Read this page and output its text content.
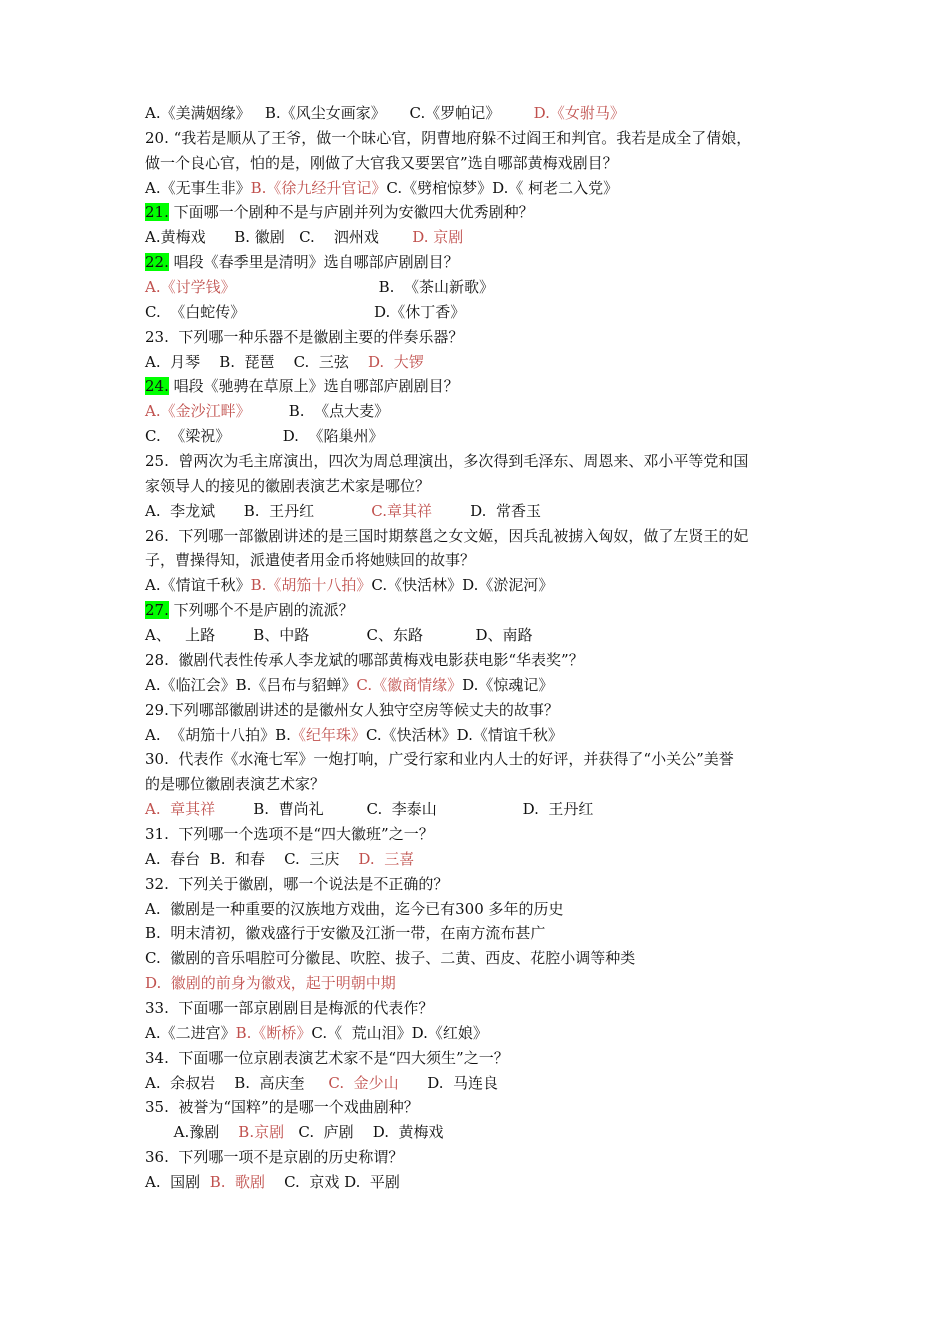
A.《美满姻缘》   B.《风尘女画家》     C.《罗帕记》       D.《女驸马》
20. “我若是顺从了王爷，做一个昧心官，阴曹地府躲不过阎王和判官。我若是成全了倩娘，
做一个良心官，怕的是，刚做了大官我又要罢官”选自哪部黄梅戏剧目？
A.《无事生非》B.《徐九经升官记》C.《劈棺惊梦》D.《 柯老二入党》
21. 下面哪一个剧种不是与庐剧并列为安徽四大优秀剧种？
A.黄梅戏      B. 徽剧   C.    泗州戏       D. 京剧
22. 唱段《春季里是清明》选自哪部庐剧剧目？
A.《讨学钱》                              B.  《茶山新歌》
C.  《白蛇传》                           D.《休丁香》
23.  下列哪一种乐器不是徽剧主要的伴奏乐器？
A.  月琴    B.  琵琶    C.  三弦    D.  大锣
24. 唱段《驰骋在草原上》选自哪部庐剧剧目？
A.《金沙江畔》        B.  《点大麦》
C.  《梁祝》           D.  《陷巢州》
25.  曾两次为毛主席演出，四次为周总理演出，多次得到毛泽东、周恩来、邓小平等党和国
家领导人的接见的徽剧表演艺术家是哪位？
A.  李龙斌      B.  王丹红            C.章其祥        D.  常香玉
26.  下列哪一部徽剧讲述的是三国时期蔡邕之女文姬，因兵乱被掳入匈奴，做了左贤王的妃
子，曹操得知，派遣使者用金币将她赎回的故事？
A.《情谊千秋》B.《胡笳十八拍》C.《快活林》D.《淤泥河》
27. 下列哪个不是庐剧的流派？
A、   上路        B、中路            C、东路           D、南路
28.  徽剧代表性传承人李龙斌的哪部黄梅戏电影获电影“华表奖”？
A.《临江会》B.《吕布与貂蝉》C.《徽商情缘》D.《惊魂记》
29.下列哪部徽剧讲述的是徽州女人独守空房等候丈夫的故事？
A.  《胡笳十八拍》B.《纪年珠》C.《快活林》D.《情谊千秋》
30.  代表作《水淹七军》一炮打响，广受行家和业内人士的好评，并获得了“小关公”美誉
的是哪位徽剧表演艺术家？
A.  章其祥        B.  曹尚礼         C.  李泰山                  D.  王丹红
31.  下列哪一个选项不是“四大徽班”之一？
A.  春台  B.  和春    C.  三庆    D.  三喜
32.  下列关于徽剧，哪一个说法是不正确的？
A.  徽剧是一种重要的汉族地方戏曲，迄今已有300 多年的历史
B.  明末清初，徽戏盛行于安徽及江浙一带，在南方流布甚广
C.  徽剧的音乐唱腔可分徽昆、吹腔、拔子、二黄、西皮、花腔小调等种类
D.  徽剧的前身为徽戏，起于明朝中期
33.  下面哪一部京剧剧目是梅派的代表作？
A.《二进宫》B.《断桥》C.《  荒山泪》D.《红娘》
34.  下面哪一位京剧表演艺术家不是“四大须生”之一？
A.  余叔岩    B.  高庆奎     C.  金少山      D.  马连良
35.  被誉为“国粹”的是哪一个戏曲剧种？
A.豫剧    B.京剧   C.  庐剧    D.  黄梅戏
36.  下列哪一项不是京剧的历史称谓？
A.  国剧  B.  歌剧    C.  京戏 D.  平剧
